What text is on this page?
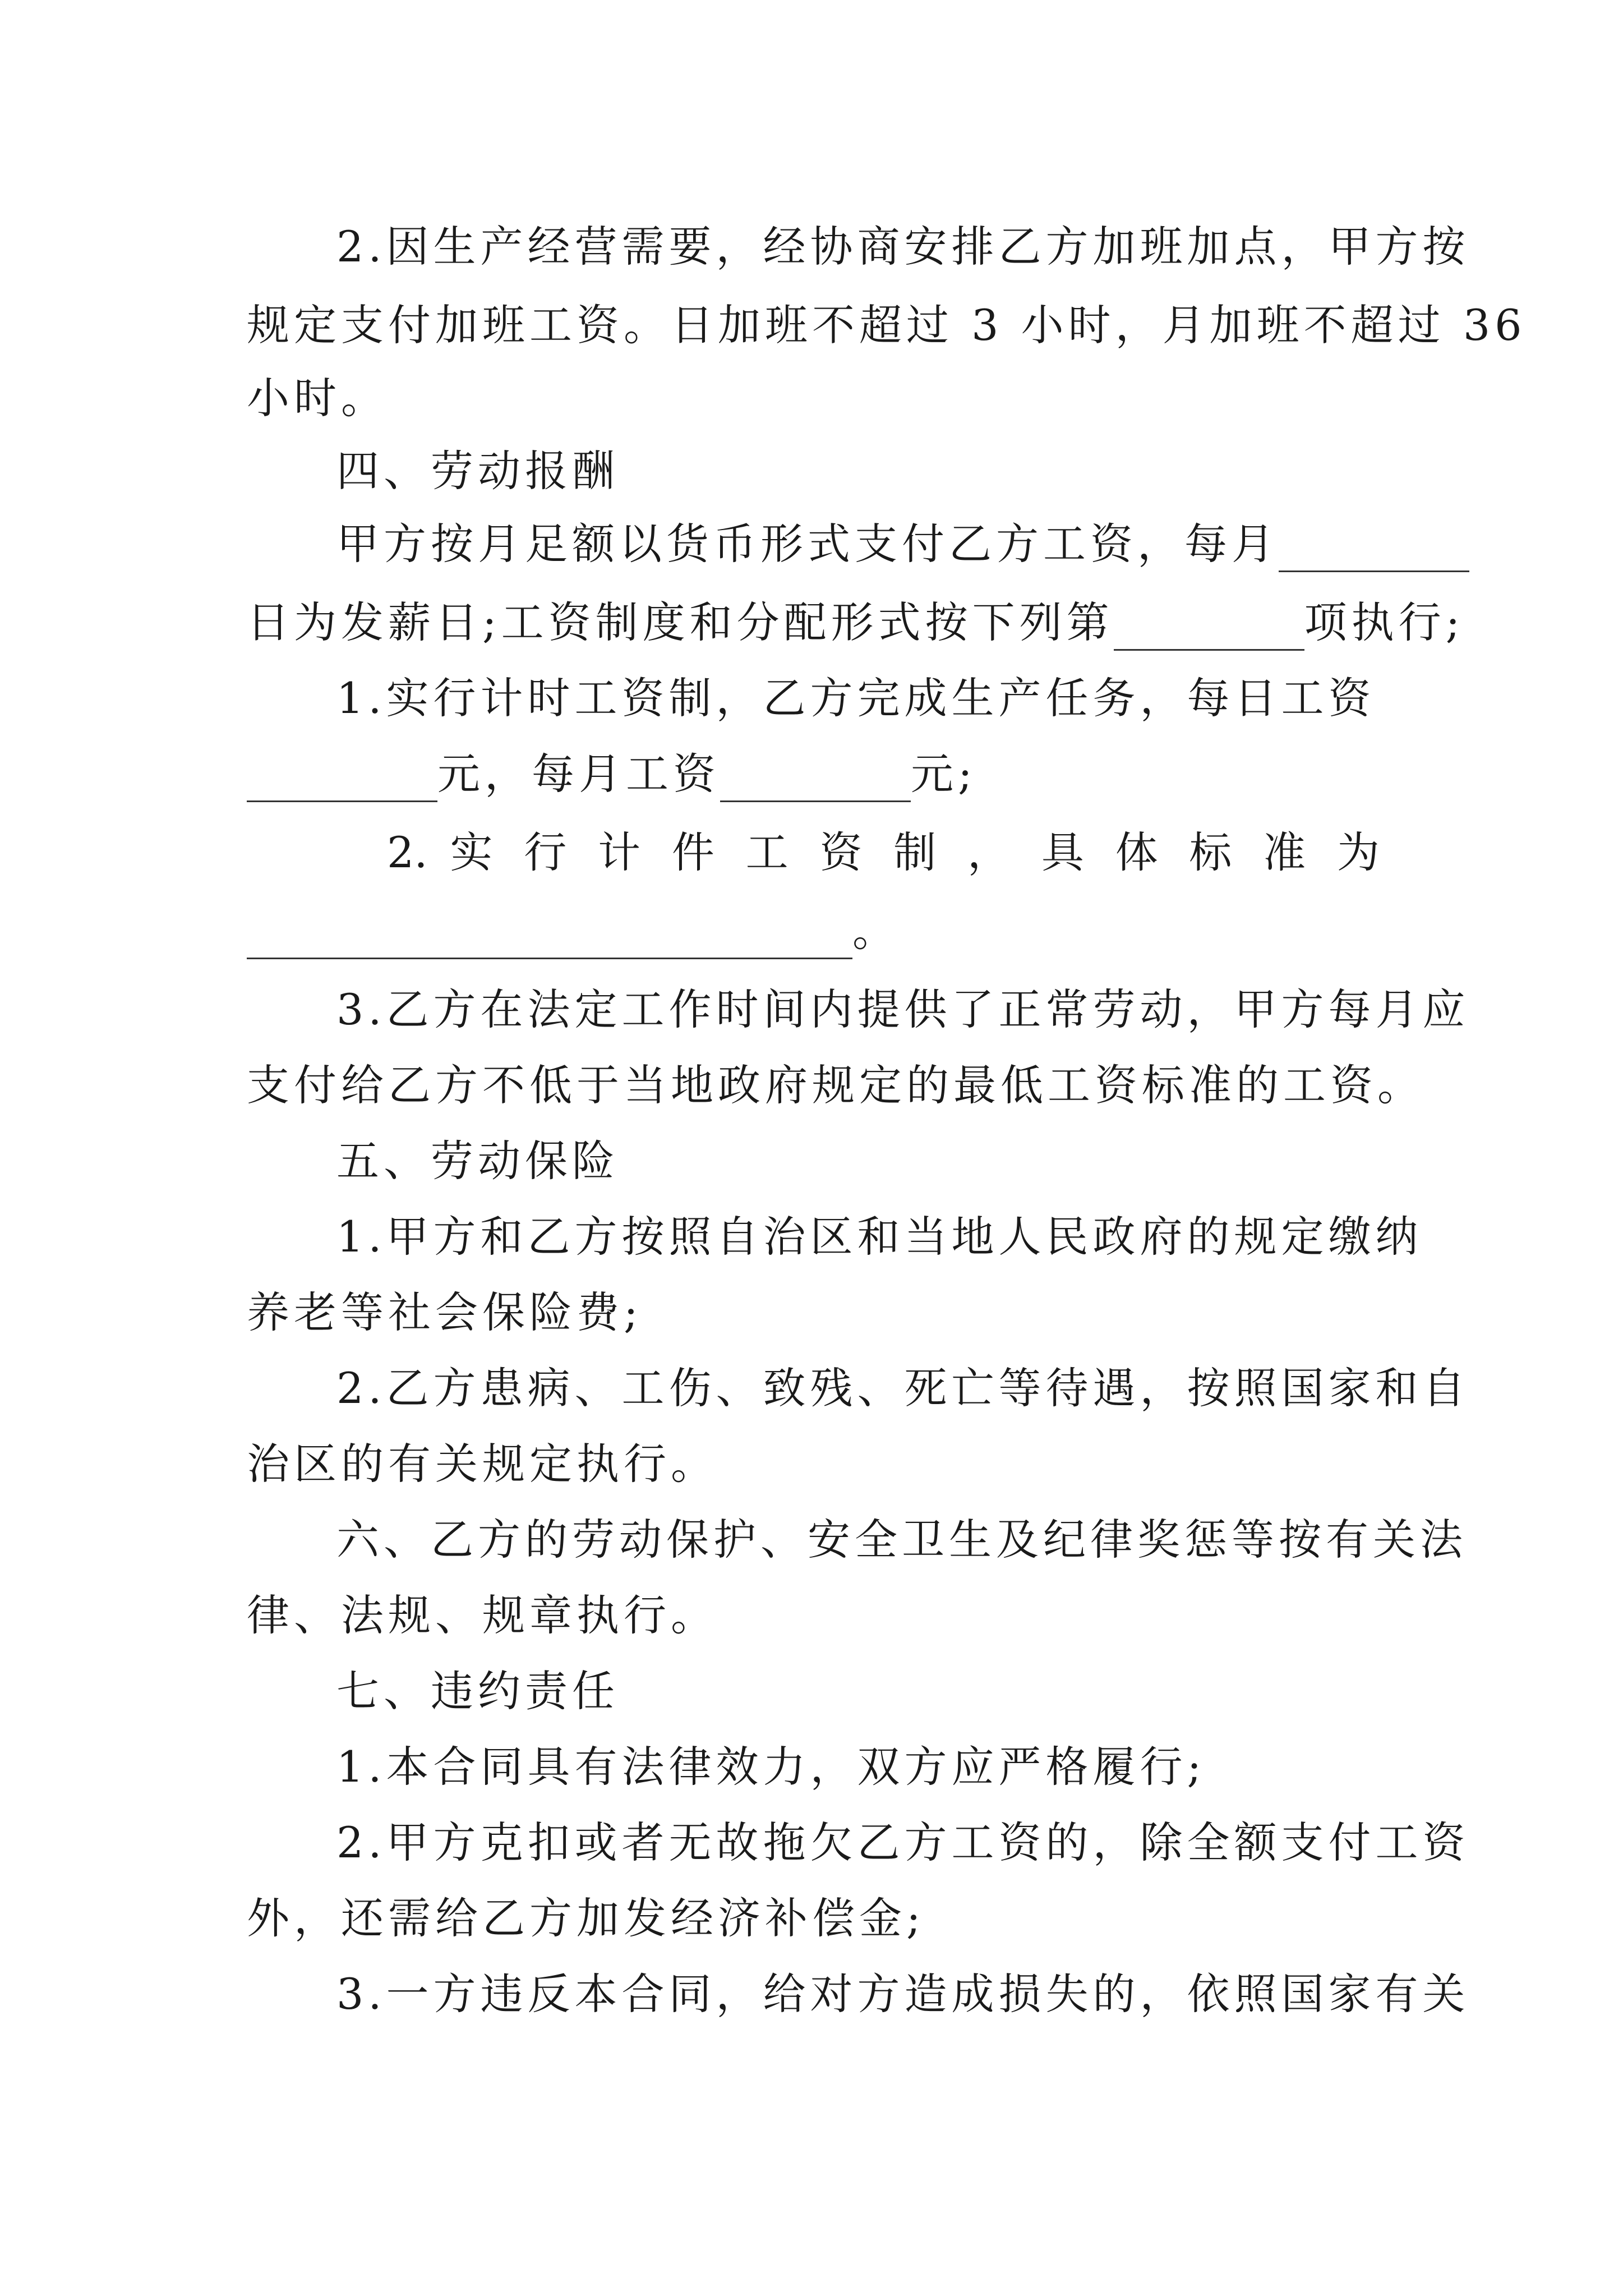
2.因生产经营需要，经协商安排乙方加班加点，甲方按
规定支付加班工资。日加班不超过 3 小时，月加班不超过 36
小时。
四、劳动报酬
甲方按月足额以货币形式支付乙方工资，每月
日为发薪日;工资制度和分配形式按下列第	项执行;
1.实行计时工资制，乙方完成生产任务，每日工资
元，每月工资	元;
2. 实 行 计 件 工 资 制 ， 具 体 标 准 为
。
3.乙方在法定工作时间内提供了正常劳动，甲方每月应
支付给乙方不低于当地政府规定的最低工资标准的工资。
五、劳动保险
1.甲方和乙方按照自治区和当地人民政府的规定缴纳
养老等社会保险费;
2.乙方患病、工伤、致残、死亡等待遇，按照国家和自
治区的有关规定执行。
六、乙方的劳动保护、安全卫生及纪律奖惩等按有关法
律、法规、规章执行。
七、违约责任
1.本合同具有法律效力，双方应严格履行;
2.甲方克扣或者无故拖欠乙方工资的，除全额支付工资
外，还需给乙方加发经济补偿金;
3.一方违反本合同，给对方造成损失的，依照国家有关
